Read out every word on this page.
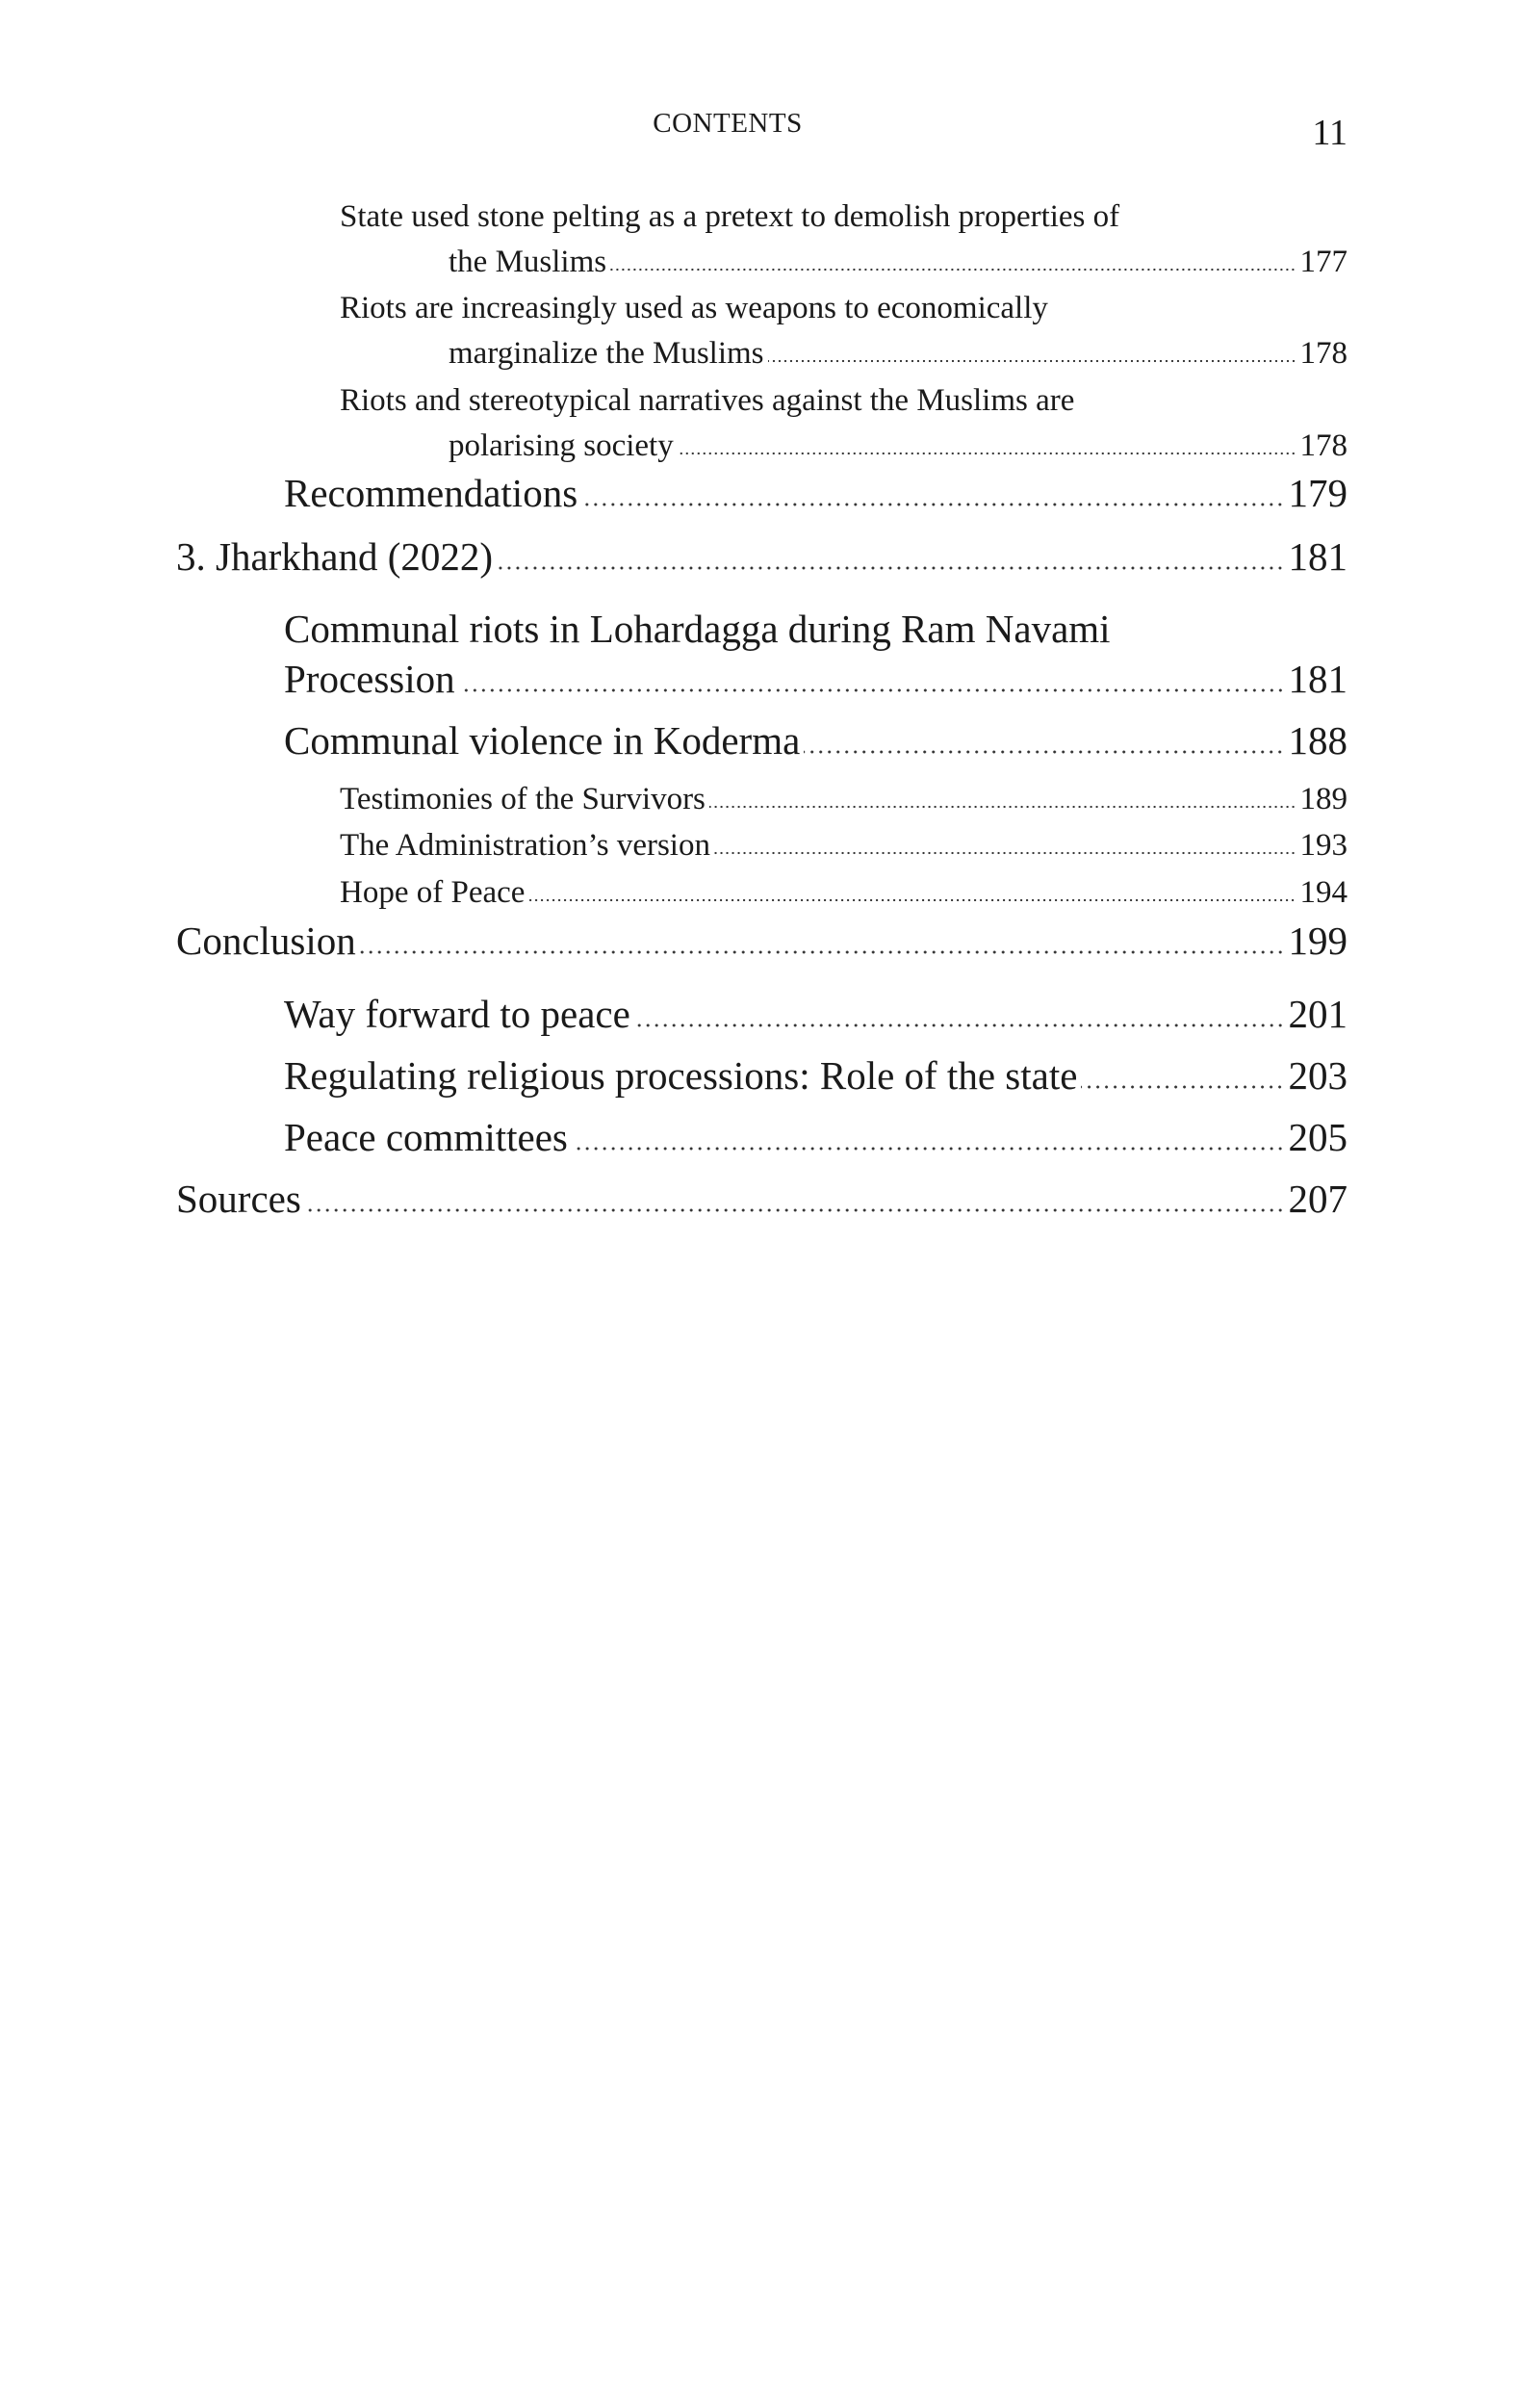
CONTENTS	11
State used stone pelting as a pretext to demolish properties of
the Muslims	177
Riots are increasingly used as weapons to economically
marginalize the Muslims	178
Riots and stereotypical narratives against the Muslims are
polarising society	178
Recommendations	179
3. Jharkhand (2022)	181
Communal riots in Lohardagga during Ram Navami
Procession	181
Communal violence in Koderma	188
Testimonies of the Survivors	189
The Administration’s version	193
Hope of Peace	194
Conclusion	199
Way forward to peace	201
Regulating religious processions: Role of the state	203
Peace committees	205
Sources	207
